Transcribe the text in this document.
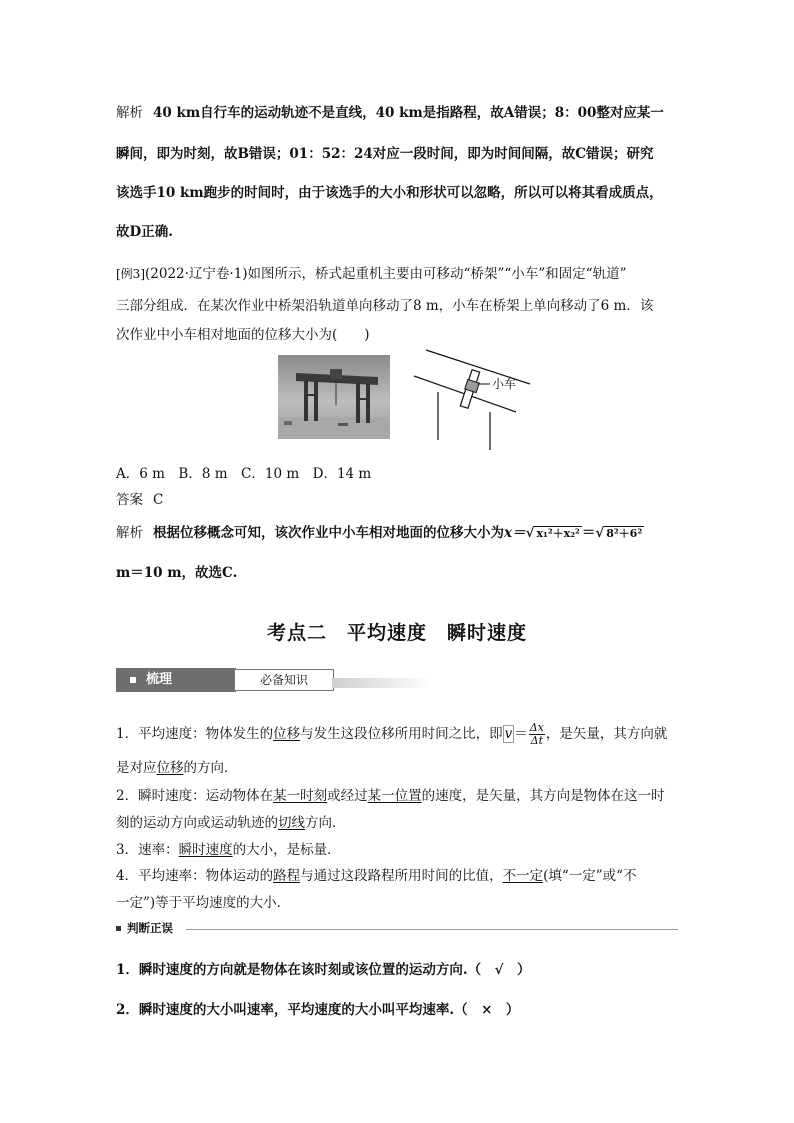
解析 40 km自行车的运动轨迹不是直线，40 km是指路程，故A错误；8：00整对应某一
瞬间，即为时刻，故B错误；01：52：24对应一段时间，即为时间间隔，故C错误；研究
该选手10 km跑步的时间时，由于该选手的大小和形状可以忽略，所以可以将其看成质点，
故D正确.
[例3](2022·辽宁卷·1)如图所示，桥式起重机主要由可移动“桥架”“小车”和固定“轨道”
三部分组成．在某次作业中桥架沿轨道单向移动了8 m，小车在桥架上单向移动了6 m．该
次作业中小车相对地面的位移大小为(　　)
小车
A．6 m　B．8 m　C．10 m　D．14 m
答案 C
解析 根据位移概念可知，该次作业中小车相对地面的位移大小为x＝√ x₁²＋x₂² ＝√ 8²＋6²
m＝10 m，故选C.
考点二 平均速度 瞬时速度
梳理	必备知识
1．平均速度：物体发生的位移与发生这段位移所用时间之比，即 $v = \frac{\Delta x}{\Delta t}$ ，是矢量，其方向就
是对应位移的方向．
2．瞬时速度：运动物体在某一时刻或经过某一位置的速度，是矢量，其方向是物体在这一时
刻的运动方向或运动轨迹的切线方向．
3．速率：瞬时速度的大小，是标量．
4．平均速率：物体运动的路程与通过这段路程所用时间的比值，不一定(填“一定”或“不
一定”)等于平均速度的大小．
判断正误
1．瞬时速度的方向就是物体在该时刻或该位置的运动方向.（　√　）
2．瞬时速度的大小叫速率，平均速度的大小叫平均速率.（　×　）
